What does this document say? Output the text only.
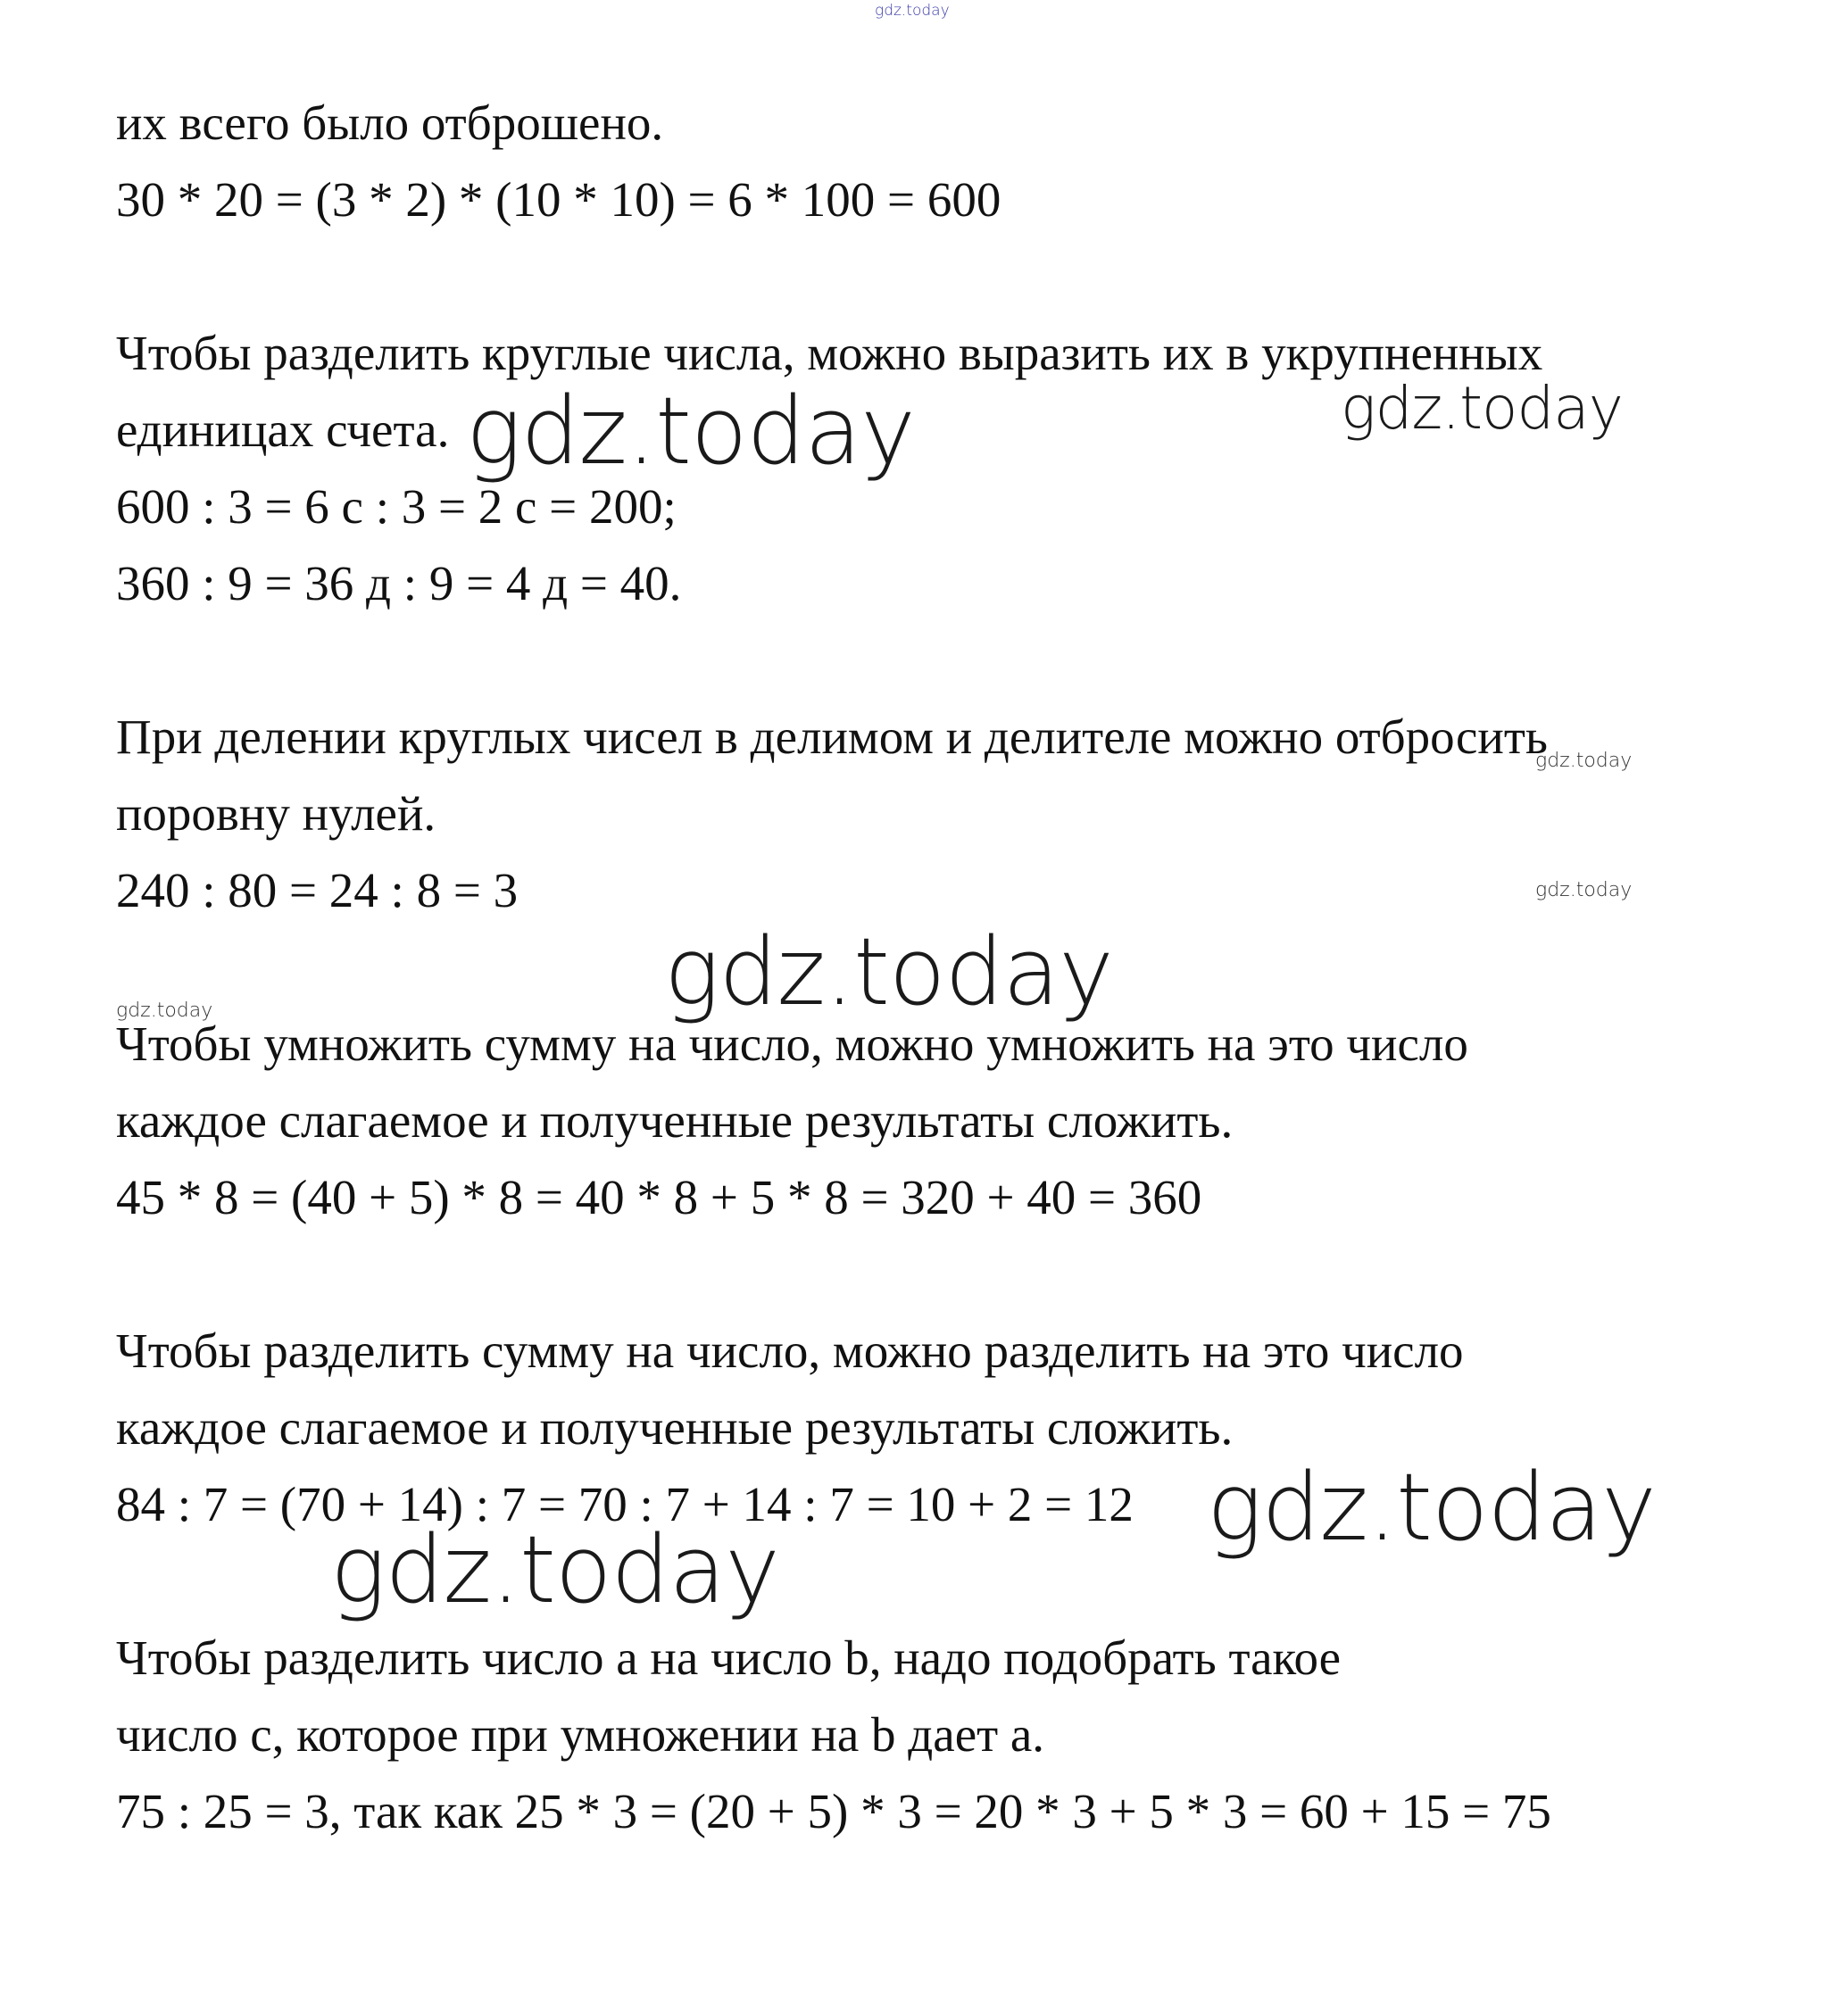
gdz.today
их всего было отброшено.
30 * 20 = (3 * 2) * (10 * 10) = 6 * 100 = 600
Чтобы разделить круглые числа, можно выразить их в укрупненных
единицах счета.
600 : 3 = 6 с : 3 = 2 с = 200;
360 : 9 = 36 д : 9 = 4 д = 40.
При делении круглых чисел в делимом и делителе можно отбросить
поровну нулей.
240 : 80 = 24 : 8 = 3
Чтобы умножить сумму на число, можно умножить на это число
каждое слагаемое и полученные результаты сложить.
45 * 8 = (40 + 5) * 8 = 40 * 8 + 5 * 8 = 320 + 40 = 360
Чтобы разделить сумму на число, можно разделить на это число
каждое слагаемое и полученные результаты сложить.
84 : 7 = (70 + 14) : 7 = 70 : 7 + 14 : 7 = 10 + 2 = 12
Чтобы разделить число a на число b, надо подобрать такое
число с, которое при умножении на b дает a.
75 : 25 = 3, так как 25 * 3 = (20 + 5) * 3 = 20 * 3 + 5 * 3 = 60 + 15 = 75
gdz.today	gdz.today
gdz.today
gdz.today
gdz.today
gdz.today
gdz.today
gdz.today
